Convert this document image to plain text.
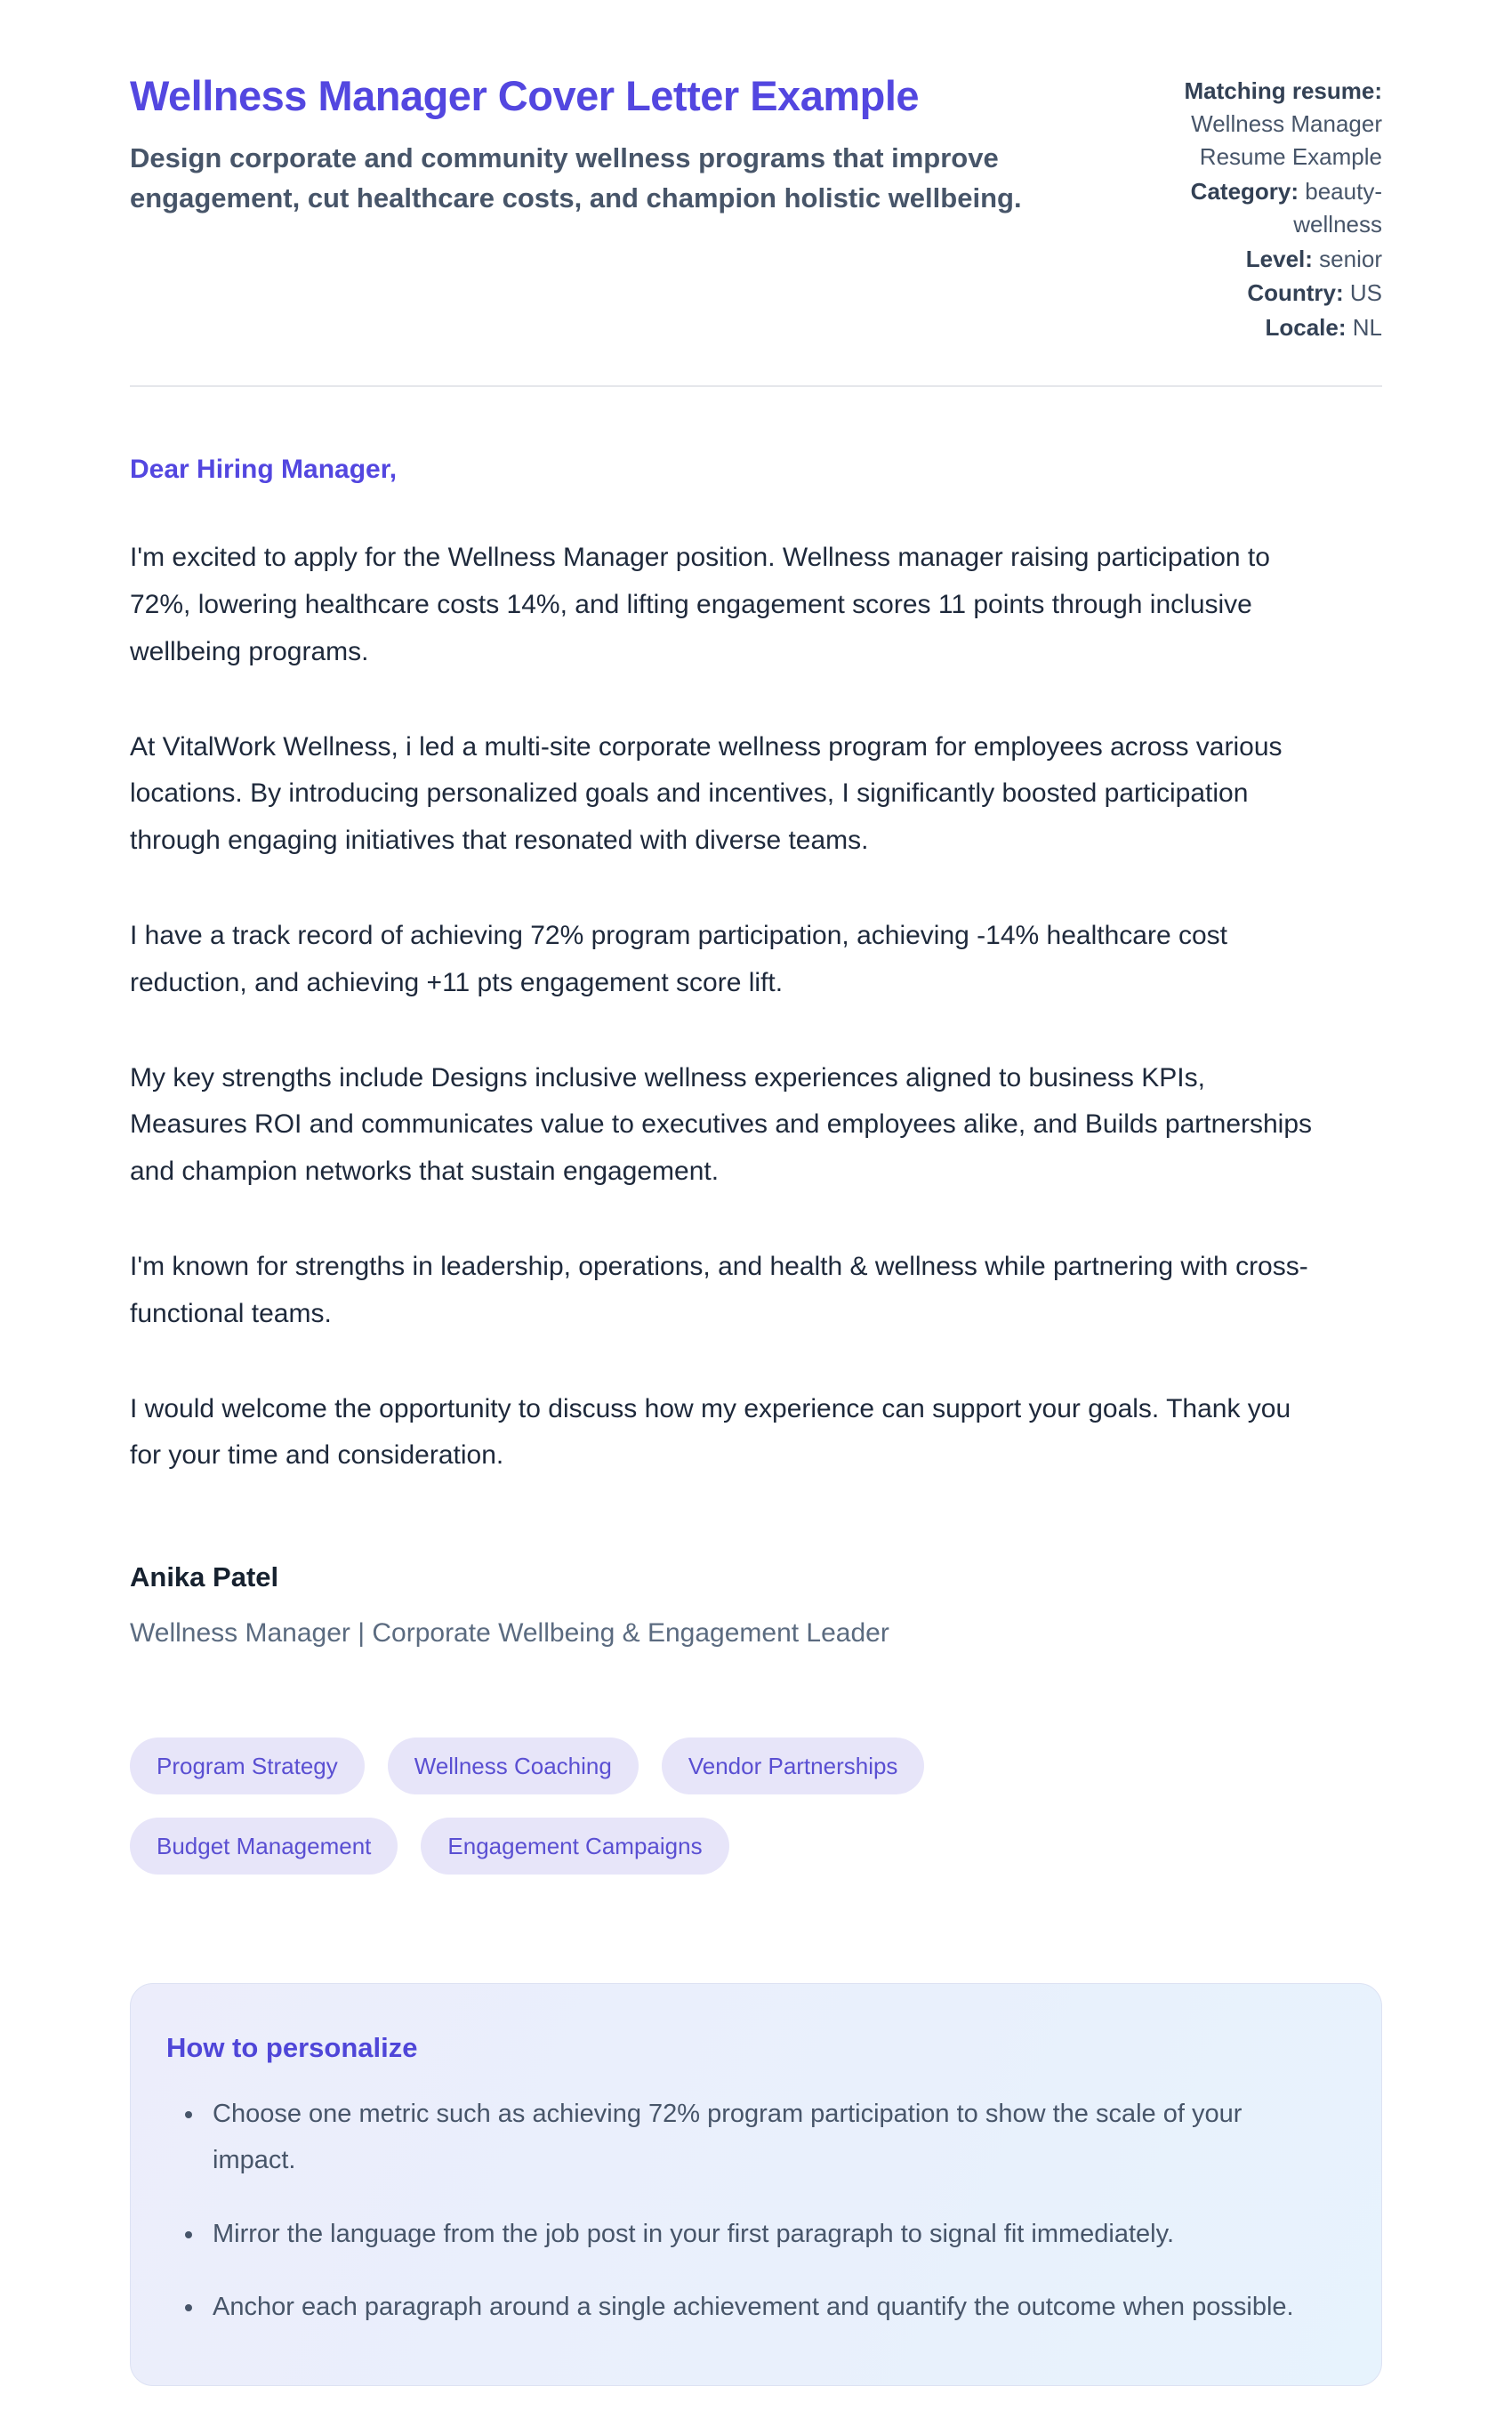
Wellness Manager Cover Letter Example
Design corporate and community wellness programs that improve engagement, cut healthcare costs, and champion holistic wellbeing.
Matching resume: Wellness Manager Resume Example
Category: beauty-wellness
Level: senior
Country: US
Locale: NL
Dear Hiring Manager,

I'm excited to apply for the Wellness Manager position. Wellness manager raising participation to 72%, lowering healthcare costs 14%, and lifting engagement scores 11 points through inclusive wellbeing programs.

At VitalWork Wellness, i led a multi-site corporate wellness program for employees across various locations. By introducing personalized goals and incentives, I significantly boosted participation through engaging initiatives that resonated with diverse teams.

I have a track record of achieving 72% program participation, achieving -14% healthcare cost reduction, and achieving +11 pts engagement score lift.

My key strengths include Designs inclusive wellness experiences aligned to business KPIs, Measures ROI and communicates value to executives and employees alike, and Builds partnerships and champion networks that sustain engagement.

I'm known for strengths in leadership, operations, and health & wellness while partnering with cross-functional teams.

I would welcome the opportunity to discuss how my experience can support your goals. Thank you for your time and consideration.

Anika Patel
Wellness Manager | Corporate Wellbeing & Engagement Leader
Program Strategy	Wellness Coaching	Vendor Partnerships
Budget Management	Engagement Campaigns
How to personalize
• Choose one metric such as achieving 72% program participation to show the scale of your impact.
• Mirror the language from the job post in your first paragraph to signal fit immediately.
• Anchor each paragraph around a single achievement and quantify the outcome when possible.
